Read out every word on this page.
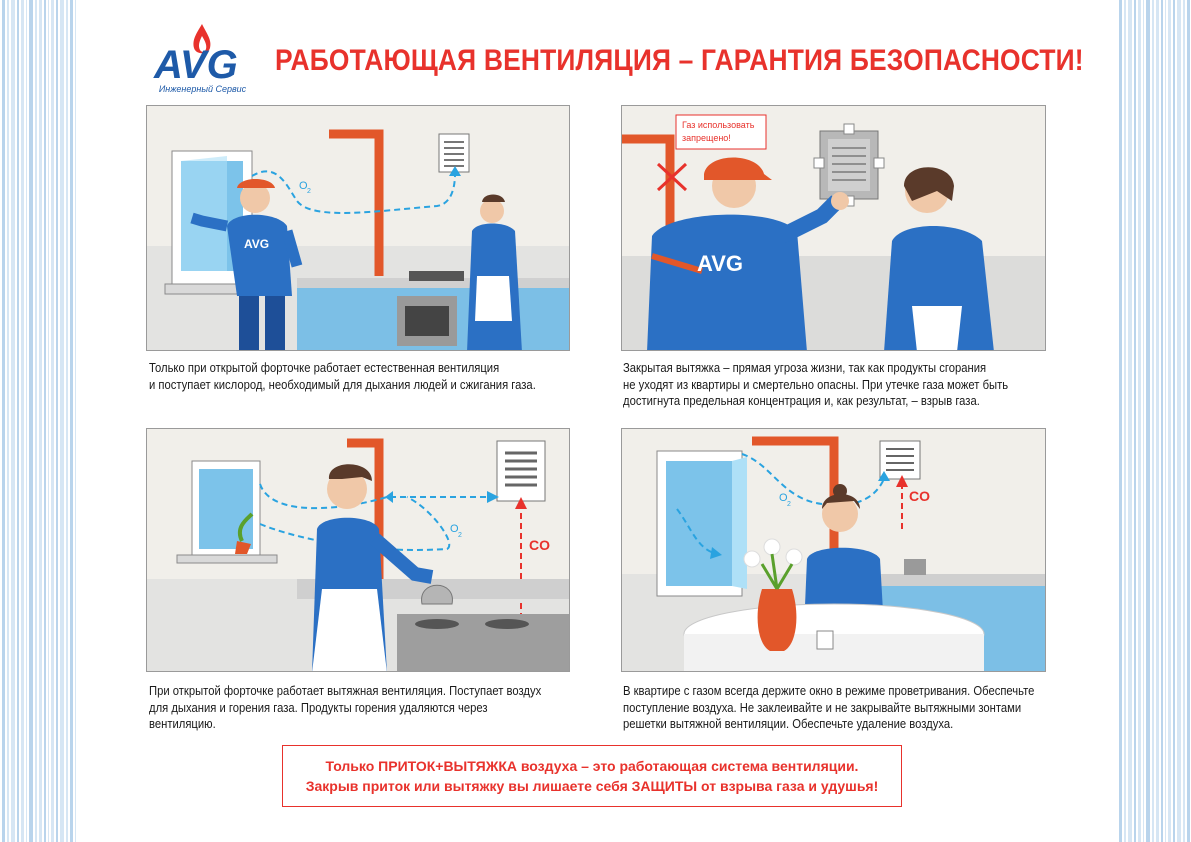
AVG
Инженерный Сервис
РАБОТАЮЩАЯ ВЕНТИЛЯЦИЯ – ГАРАНТИЯ БЕЗОПАСНОСТИ!
O 2
AVG
Газ использовать
запрещено!
AVG
O
2
CO
O
2
CO
Только при открытой форточке работает естественная вентиляция
и поступает кислород, необходимый для дыхания людей и сжигания газа.
Закрытая вытяжка – прямая угроза жизни, так как продукты сгорания
не уходят из квартиры и смертельно опасны. При утечке газа может быть
достигнута предельная концентрация и, как результат, – взрыв газа.
При открытой форточке работает вытяжная вентиляция. Поступает воздух
для дыхания и горения газа. Продукты горения удаляются через
вентиляцию.
В квартире с газом всегда держите окно в режиме проветривания. Обеспечьте
поступление воздуха. Не заклеивайте и не закрывайте вытяжными зонтами
решетки вытяжной вентиляции. Обеспечьте удаление воздуха.
Только ПРИТОК+ВЫТЯЖКА воздуха – это работающая система вентиляции.
Закрыв приток или вытяжку вы лишаете себя ЗАЩИТЫ от взрыва газа и удушья!
